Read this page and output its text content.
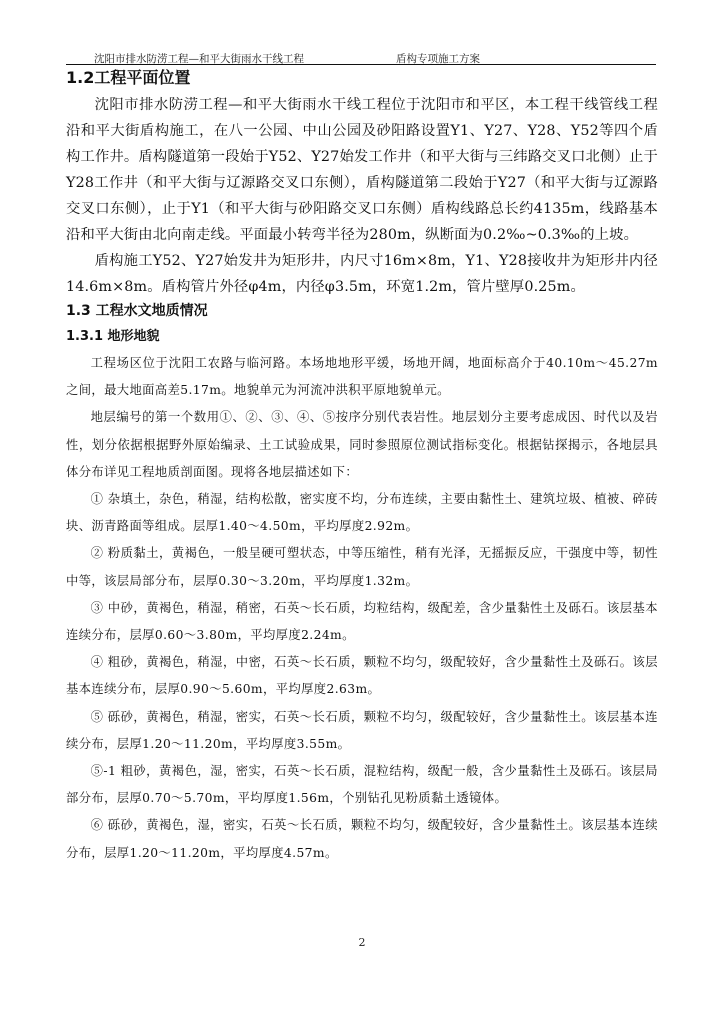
沈阳市排水防涝工程—和平大街雨水干线工程	盾构专项施工方案
1.2工程平面位置

沈阳市排水防涝工程—和平大街雨水干线工程位于沈阳市和平区，本工程干线管线工程沿和平大街盾构施工，在八一公园、中山公园及砂阳路设置Y1、Y27、Y28、Y52等四个盾构工作井。盾构隧道第一段始于Y52、Y27始发工作井（和平大街与三纬路交叉口北侧）止于Y28工作井（和平大街与辽源路交叉口东侧），盾构隧道第二段始于Y27（和平大街与辽源路交叉口东侧），止于Y1（和平大街与砂阳路交叉口东侧）盾构线路总长约4135m，线路基本沿和平大街由北向南走线。平面最小转弯半径为280m，纵断面为0.2‰~0.3‰的上坡。

盾构施工Y52、Y27始发井为矩形井，内尺寸16m×8m，Y1、Y28接收井为矩形井内径14.6m×8m。盾构管片外径φ4m，内径φ3.5m，环宽1.2m，管片壁厚0.25m。

1.3 工程水文地质情况
1.3.1 地形地貌

工程场区位于沈阳工农路与临河路。本场地地形平缓，场地开阔，地面标高介于40.10m～45.27m之间，最大地面高差5.17m。地貌单元为河流冲洪积平原地貌单元。

地层编号的第一个数用①、②、③、④、⑤按序分别代表岩性。地层划分主要考虑成因、时代以及岩性，划分依据根据野外原始编录、土工试验成果，同时参照原位测试指标变化。根据钻探揭示，各地层具体分布详见工程地质剖面图。现将各地层描述如下：

① 杂填土，杂色，稍湿，结构松散，密实度不均，分布连续，主要由黏性土、建筑垃圾、植被、碎砖块、沥青路面等组成。层厚1.40～4.50m，平均厚度2.92m。

② 粉质黏土，黄褐色，一般呈硬可塑状态，中等压缩性，稍有光泽，无摇振反应，干强度中等，韧性中等，该层局部分布，层厚0.30～3.20m，平均厚度1.32m。

③ 中砂，黄褐色，稍湿，稍密，石英～长石质，均粒结构，级配差，含少量黏性土及砾石。该层基本连续分布，层厚0.60～3.80m，平均厚度2.24m。

④ 粗砂，黄褐色，稍湿，中密，石英～长石质，颗粒不均匀，级配较好，含少量黏性土及砾石。该层基本连续分布，层厚0.90～5.60m，平均厚度2.63m。

⑤ 砾砂，黄褐色，稍湿，密实，石英～长石质，颗粒不均匀，级配较好，含少量黏性土。该层基本连续分布，层厚1.20～11.20m，平均厚度3.55m。

⑤-1 粗砂，黄褐色，湿，密实，石英～长石质，混粒结构，级配一般，含少量黏性土及砾石。该层局部分布，层厚0.70～5.70m，平均厚度1.56m，个别钻孔见粉质黏土透镜体。

⑥ 砾砂，黄褐色，湿，密实，石英～长石质，颗粒不均匀，级配较好，含少量黏性土。该层基本连续分布，层厚1.20～11.20m，平均厚度4.57m。

2
